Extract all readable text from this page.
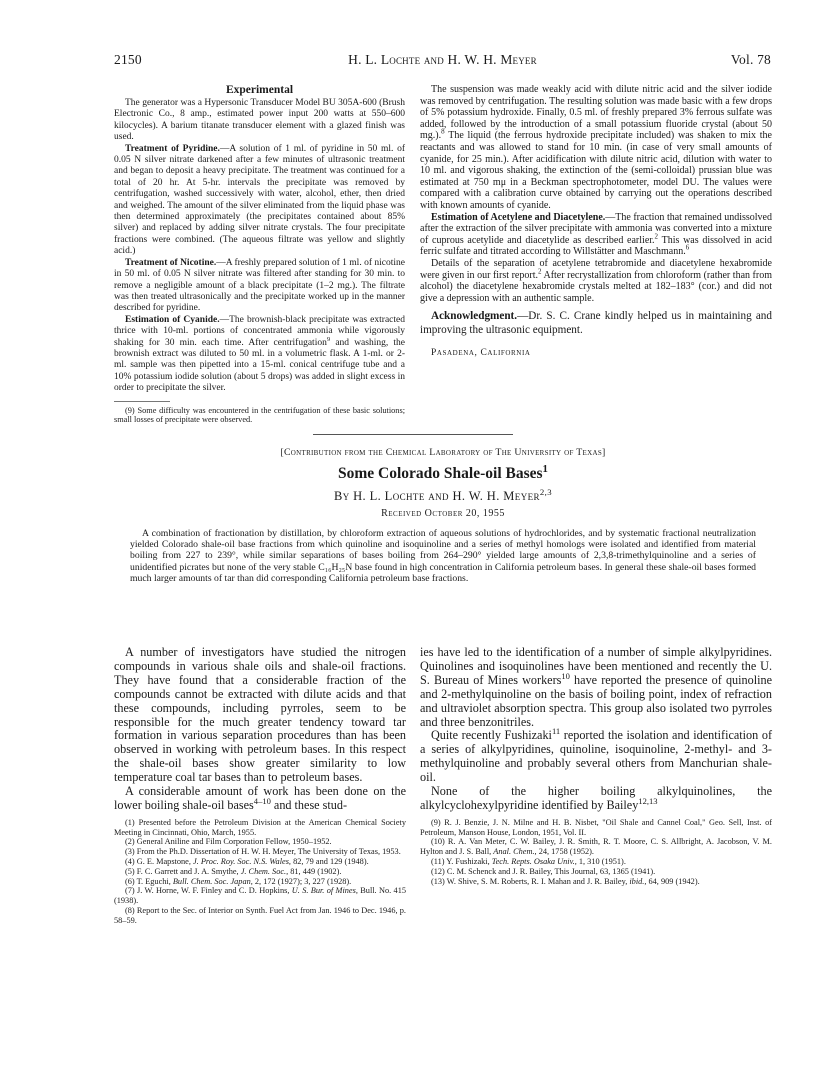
2150	H. L. Lochte and H. W. H. Meyer	Vol. 78
Experimental

The generator was a Hypersonic Transducer Model BU 305A-600 (Brush Electronic Co., 8 amp., estimated power input 200 watts at 550–600 kilocycles). A barium titanate transducer element with a glazed finish was used.

Treatment of Pyridine.—A solution of 1 ml. of pyridine in 50 ml. of 0.05 N silver nitrate darkened after a few minutes of ultrasonic treatment and began to deposit a heavy precipitate. The treatment was continued for a total of 20 hr. At 5-hr. intervals the precipitate was removed by centrifugation, washed successively with water, alcohol, ether, then dried and weighed. The amount of the silver eliminated from the liquid phase was then determined approximately (the precipitates contained about 85% silver) and replaced by adding silver nitrate crystals. The four precipitate fractions were combined. (The aqueous filtrate was yellow and slightly acid.)

Treatment of Nicotine.—A freshly prepared solution of 1 ml. of nicotine in 50 ml. of 0.05 N silver nitrate was filtered after standing for 30 min. to remove a negligible amount of a black precipitate (1–2 mg.). The filtrate was then treated ultrasonically and the precipitate worked up in the manner described for pyridine.

Estimation of Cyanide.—The brownish-black precipitate was extracted thrice with 10-ml. portions of concentrated ammonia while vigorously shaking for 30 min. each time. After centrifugation$^9$ and washing, the brownish extract was diluted to 50 ml. in a volumetric flask. A 1-ml. or 2-ml. sample was then pipetted into a 15-ml. conical centrifuge tube and a 10% potassium iodide solution (about 5 drops) was added in slight excess in order to precipitate the silver.

(9) Some difficulty was encountered in the centrifugation of these basic solutions; small losses of precipitate were observed.

The suspension was made weakly acid with dilute nitric acid and the silver iodide was removed by centrifugation. The resulting solution was made basic with a few drops of 5% potassium hydroxide. Finally, 0.5 ml. of freshly prepared 3% ferrous sulfate was added, followed by the introduction of a small potassium fluoride crystal (about 50 mg.).$^8$ The liquid (the ferrous hydroxide precipitate included) was shaken to mix the reactants and was allowed to stand for 10 min. (in case of very small amounts of cyanide, for 25 min.). After acidification with dilute nitric acid, dilution with water to 10 ml. and vigorous shaking, the extinction of the (semi-colloidal) prussian blue was estimated at 750 mμ in a Beckman spectrophotometer, model DU. The values were compared with a calibration curve obtained by carrying out the operations described with known amounts of cyanide.

Estimation of Acetylene and Diacetylene.—The fraction that remained undissolved after the extraction of the silver precipitate with ammonia was converted into a mixture of cuprous acetylide and diacetylide as described earlier.$^2$ This was dissolved in acid ferric sulfate and titrated according to Willstätter and Maschmann.$^6$

Details of the separation of acetylene tetrabromide and diacetylene hexabromide were given in our first report.$^2$ After recrystallization from chloroform (rather than from alcohol) the diacetylene hexabromide crystals melted at 182–183° (cor.) and did not give a depression with an authentic sample.

Acknowledgment.—Dr. S. C. Crane kindly helped us in maintaining and improving the ultrasonic equipment.

Pasadena, California

[Contribution from the Chemical Laboratory of The University of Texas]
Some Colorado Shale-oil Bases$^1$
By H. L. Lochte and H. W. H. Meyer$^{2,3}$
Received October 20, 1955

A combination of fractionation by distillation, by chloroform extraction of aqueous solutions of hydrochlorides, and by systematic fractional neutralization yielded Colorado shale-oil base fractions from which quinoline and isoquinoline and a series of methyl homologs were isolated and identified from material boiling from 227 to 239°, while similar separations of bases boiling from 264–290° yielded large amounts of 2,3,8-trimethylquinoline and a series of unidentified picrates but none of the very stable C₁₆H₂₅N base found in high concentration in California petroleum bases. In general these shale-oil bases formed much larger amounts of tar than did corresponding California petroleum base fractions.

A number of investigators have studied the nitrogen compounds in various shale oils and shale-oil fractions. They have found that a considerable fraction of the compounds cannot be extracted with dilute acids and that these compounds, including pyrroles, seem to be responsible for the much greater tendency toward tar formation in various separation procedures than has been observed in working with petroleum bases. In this respect the shale-oil bases show greater similarity to low temperature coal tar bases than to petroleum bases.

A considerable amount of work has been done on the lower boiling shale-oil bases$^{4-10}$ and these stud-

(1) Presented before the Petroleum Division at the American Chemical Society Meeting in Cincinnati, Ohio, March, 1955.

(2) General Aniline and Film Corporation Fellow, 1950–1952.

(3) From the Ph.D. Dissertation of H. W. H. Meyer, The University of Texas, 1953.

(4) G. E. Mapstone, J. Proc. Roy. Soc. N.S. Wales, 82, 79 and 129 (1948).

(5) F. C. Garrett and J. A. Smythe, J. Chem. Soc., 81, 449 (1902).

(6) T. Eguchi, Bull. Chem. Soc. Japan, 2, 172 (1927); 3, 227 (1928).

(7) J. W. Horne, W. F. Finley and C. D. Hopkins, U. S. Bur. of Mines, Bull. No. 415 (1938).

(8) Report to the Sec. of Interior on Synth. Fuel Act from Jan. 1946 to Dec. 1946, p. 58–59.

ies have led to the identification of a number of simple alkylpyridines. Quinolines and isoquinolines have been mentioned and recently the U. S. Bureau of Mines workers$^{10}$ have reported the presence of quinoline and 2-methylquinoline on the basis of boiling point, index of refraction and ultraviolet absorption spectra. This group also isolated two pyrroles and three benzonitriles.

Quite recently Fushizaki$^{11}$ reported the isolation and identification of a series of alkylpyridines, quinoline, isoquinoline, 2-methyl- and 3-methylquinoline and probably several others from Manchurian shale-oil.

None of the higher boiling alkylquinolines, the alkylcyclohexylpyridine identified by Bailey$^{12,13}$

(9) R. J. Benzie, J. N. Milne and H. B. Nisbet, "Oil Shale and Cannel Coal," Geo. Sell, Inst. of Petroleum, Manson House, London, 1951, Vol. II.

(10) R. A. Van Meter, C. W. Bailey, J. R. Smith, R. T. Moore, C. S. Allbright, A. Jacobson, V. M. Hylton and J. S. Ball, Anal. Chem., 24, 1758 (1952).

(11) Y. Fushizaki, Tech. Repts. Osaka Univ., 1, 310 (1951).

(12) C. M. Schenck and J. R. Bailey, This Journal, 63, 1365 (1941).

(13) W. Shive, S. M. Roberts, R. I. Mahan and J. R. Bailey, ibid., 64, 909 (1942).
